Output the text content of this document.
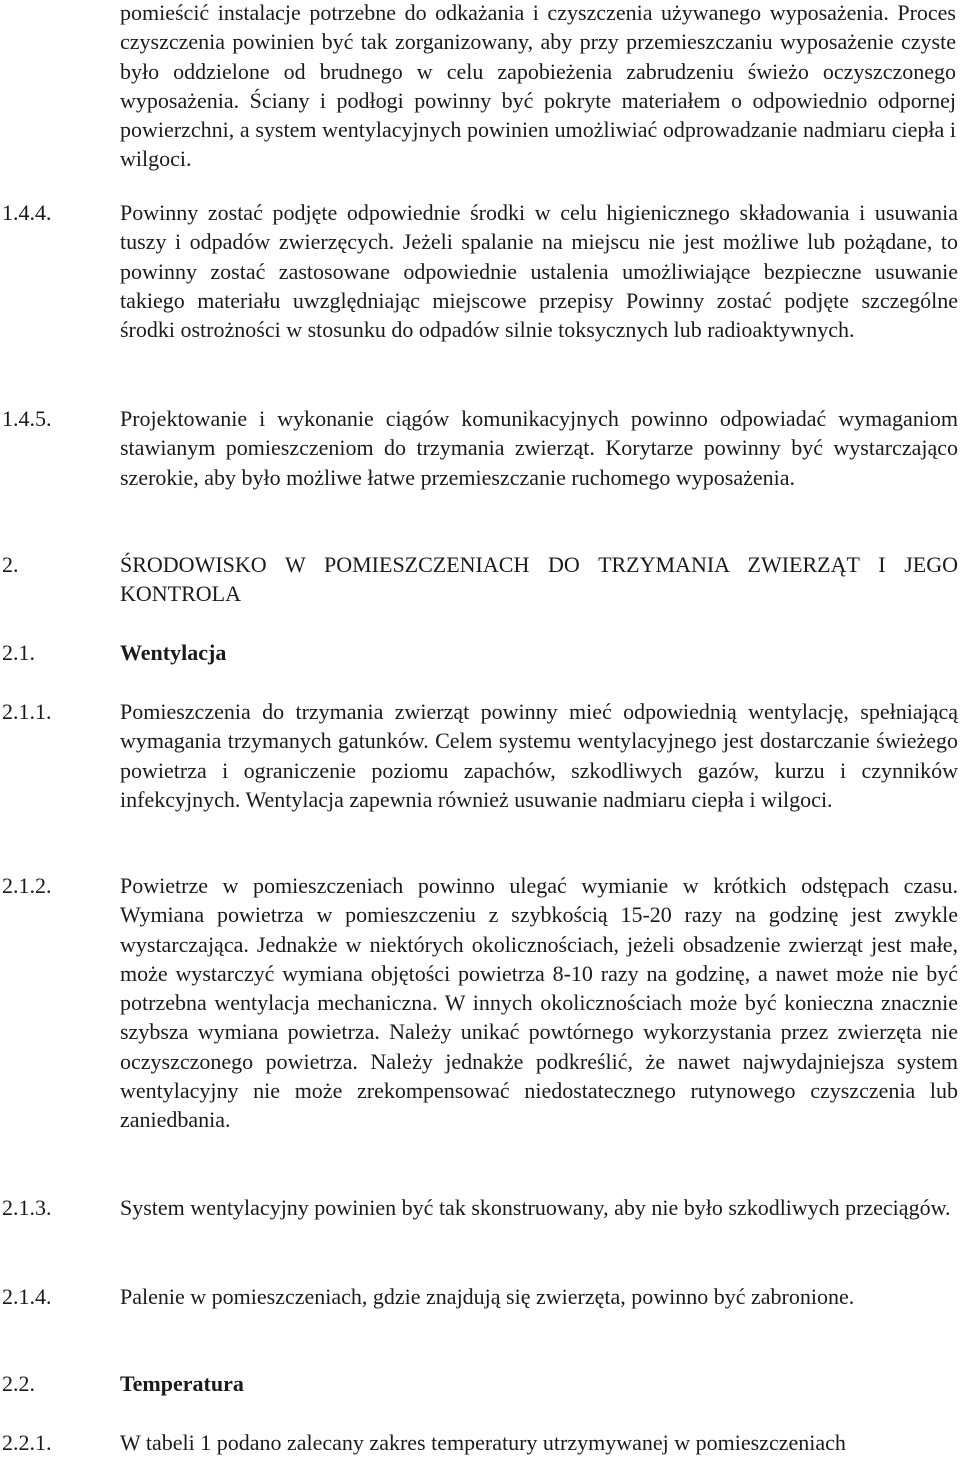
pomieścić instalacje potrzebne do odkażania i czyszczenia używanego wyposażenia. Proces czyszczenia powinien być tak zorganizowany, aby przy przemieszczaniu wyposażenie czyste było oddzielone od brudnego w celu zapobieżenia zabrudzeniu świeżo oczyszczonego wyposażenia. Ściany i podłogi powinny być pokryte materiałem o odpowiednio odpornej powierzchni, a system wentylacyjnych powinien umożliwiać odprowadzanie nadmiaru ciepła i wilgoci.
1.4.4.	Powinny zostać podjęte odpowiednie środki w celu higienicznego składowania i usuwania tuszy i odpadów zwierzęcych. Jeżeli spalanie na miejscu nie jest możliwe lub pożądane, to powinny zostać zastosowane odpowiednie ustalenia umożliwiające bezpieczne usuwanie takiego materiału uwzględniając miejscowe przepisy Powinny zostać podjęte szczególne środki ostrożności w stosunku do odpadów silnie toksycznych lub radioaktywnych.
1.4.5.	Projektowanie i wykonanie ciągów komunikacyjnych powinno odpowiadać wymaganiom stawianym pomieszczeniom do trzymania zwierząt. Korytarze powinny być wystarczająco szerokie, aby było możliwe łatwe przemieszczanie ruchomego wyposażenia.
2.	ŚRODOWISKO W POMIESZCZENIACH DO TRZYMANIA ZWIERZĄT I JEGO KONTROLA
2.1.	Wentylacja
2.1.1.	Pomieszczenia do trzymania zwierząt powinny mieć odpowiednią wentylację, spełniającą wymagania trzymanych gatunków. Celem systemu wentylacyjnego jest dostarczanie świeżego powietrza i ograniczenie poziomu zapachów, szkodliwych gazów, kurzu i czynników infekcyjnych. Wentylacja zapewnia również usuwanie nadmiaru ciepła i wilgoci.
2.1.2.	Powietrze w pomieszczeniach powinno ulegać wymianie w krótkich odstępach czasu. Wymiana powietrza w pomieszczeniu z szybkością 15-20 razy na godzinę jest zwykle wystarczająca. Jednakże w niektórych okolicznościach, jeżeli obsadzenie zwierząt jest małe, może wystarczyć wymiana objętości powietrza 8-10 razy na godzinę, a nawet może nie być potrzebna wentylacja mechaniczna. W innych okolicznościach może być konieczna znacznie szybsza wymiana powietrza. Należy unikać powtórnego wykorzystania przez zwierzęta nie oczyszczonego powietrza. Należy jednakże podkreślić, że nawet najwydajniejsza system wentylacyjny nie może zrekompensować niedostatecznego rutynowego czyszczenia lub zaniedbania.
2.1.3.	System wentylacyjny powinien być tak skonstruowany, aby nie było szkodliwych przeciągów.
2.1.4.	Palenie w pomieszczeniach, gdzie znajdują się zwierzęta, powinno być zabronione.
2.2.	Temperatura
2.2.1.	W tabeli 1 podano zalecany zakres temperatury utrzymywanej w pomieszczeniach
